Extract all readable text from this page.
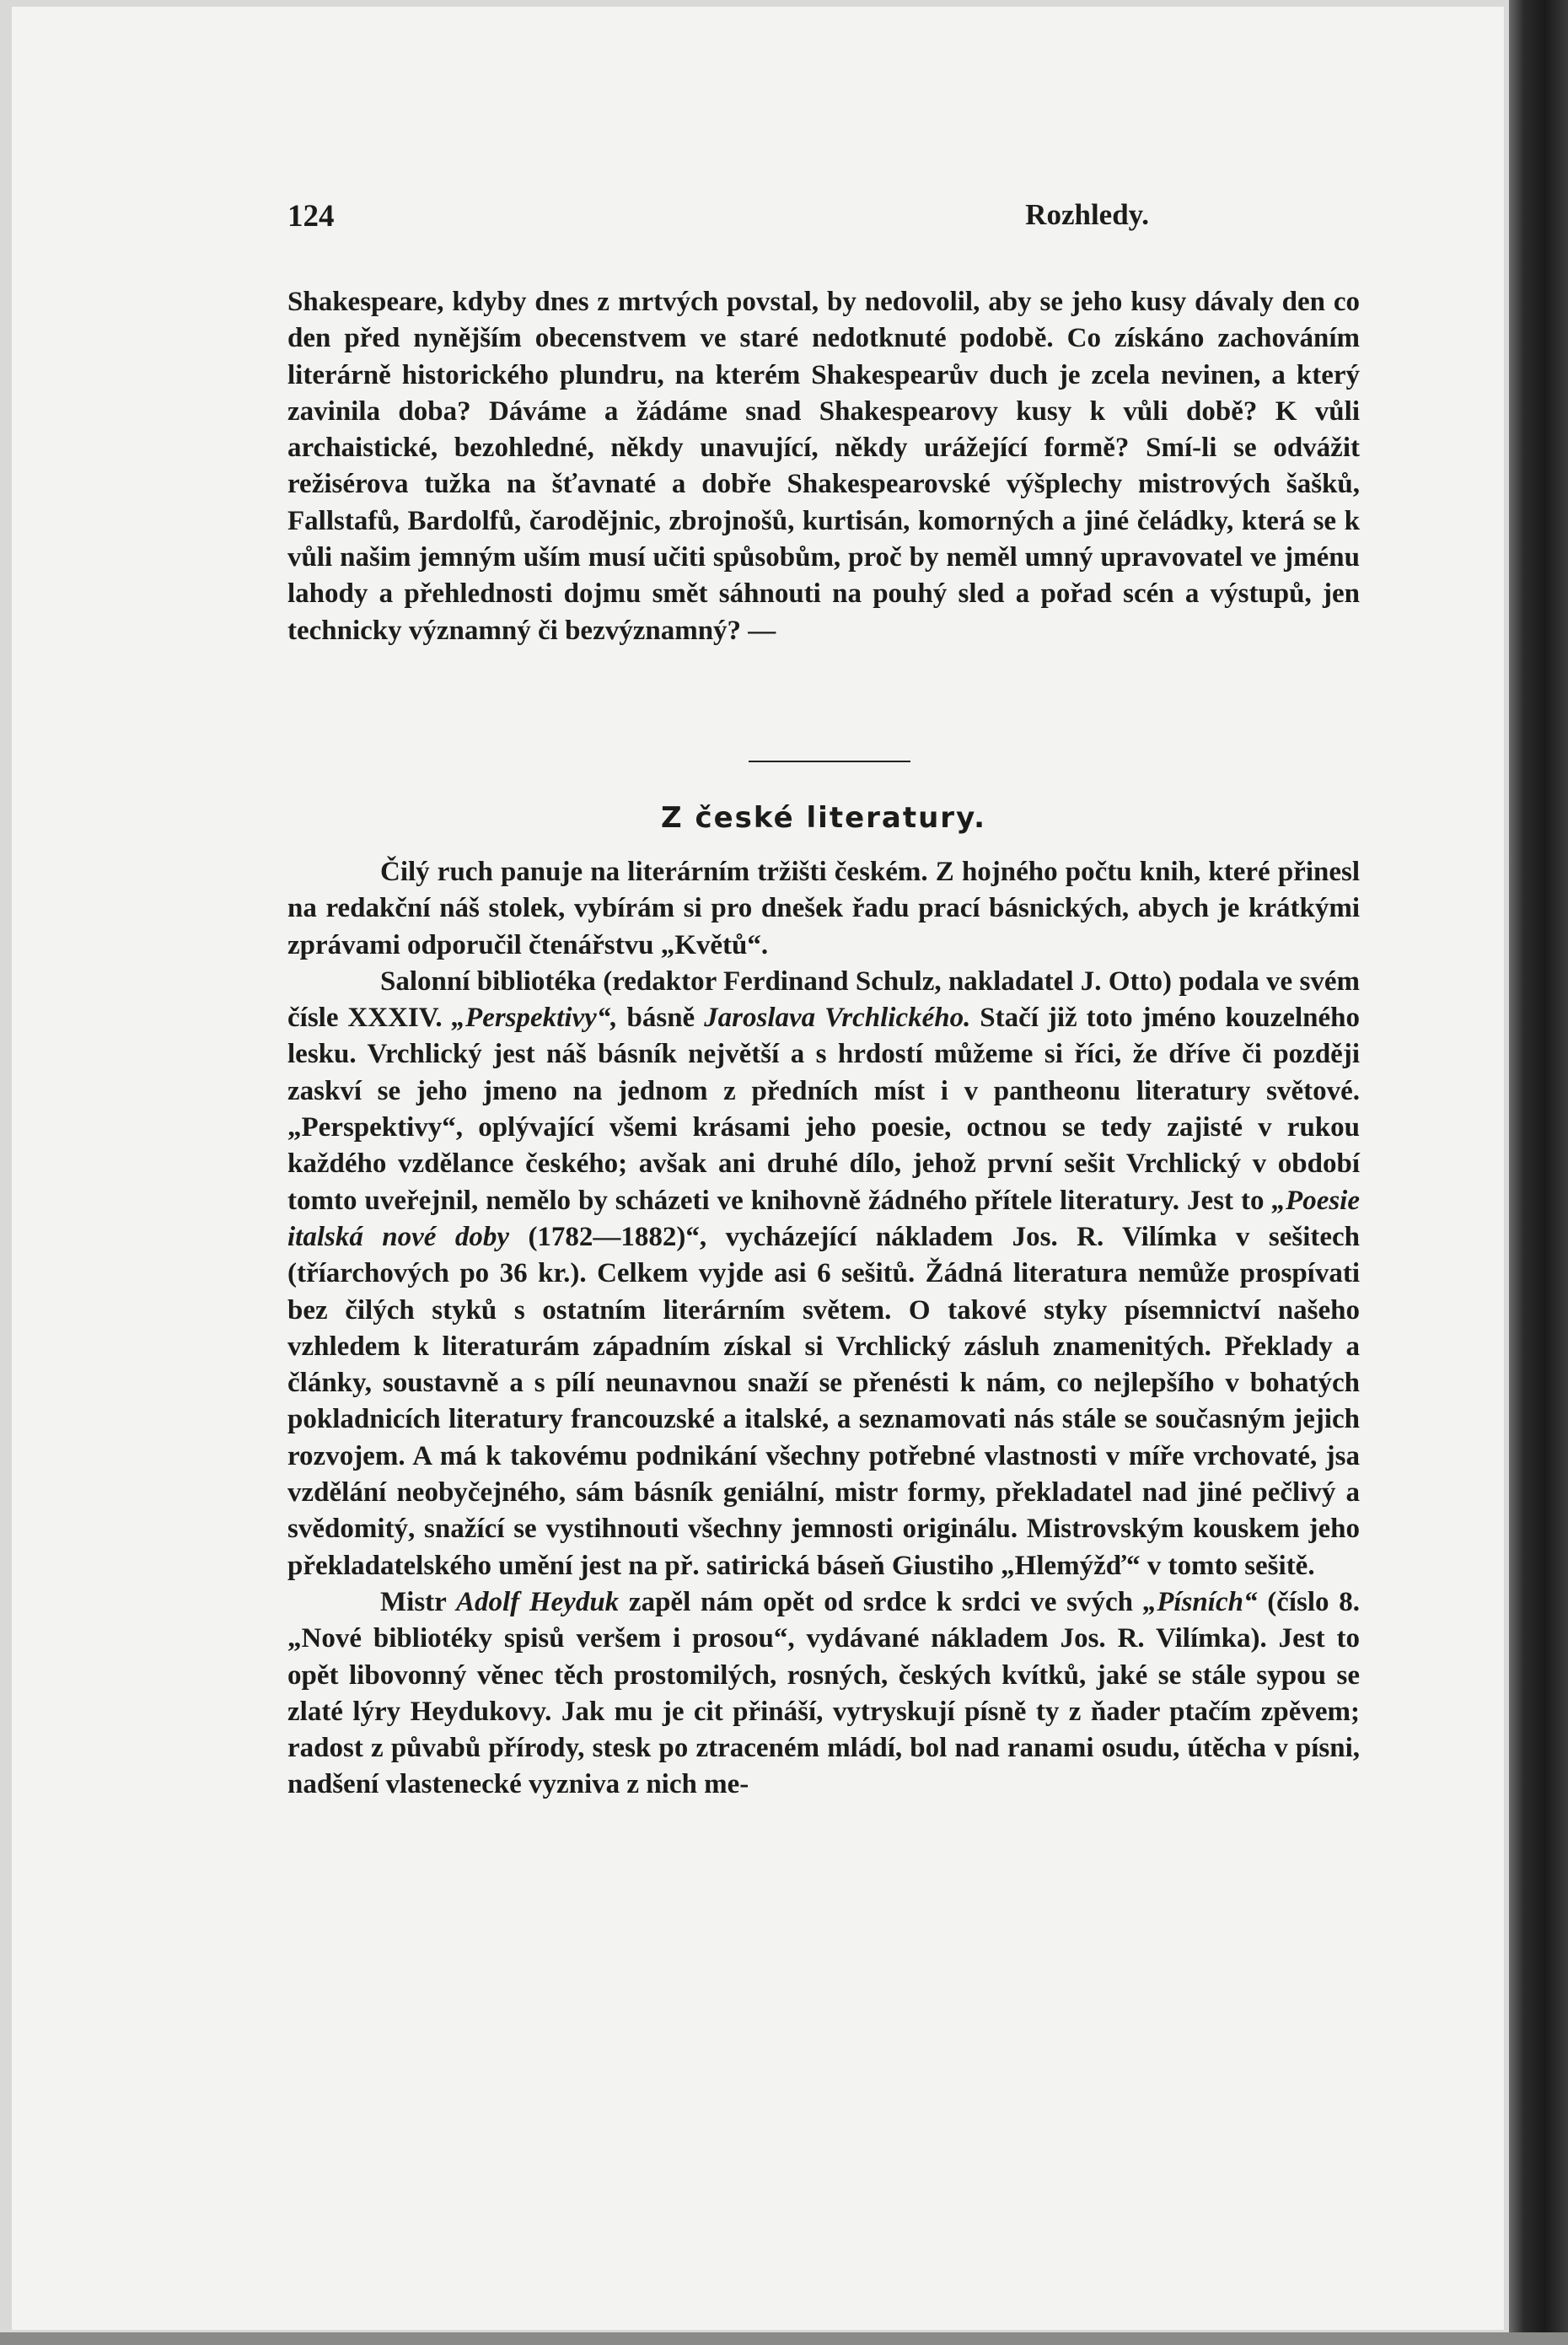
124	Rozhledy.

Shakespeare, kdyby dnes z mrtvých povstal, by nedovolil, aby se jeho kusy dávaly den co den před nynějším obecenstvem ve staré nedotknuté podobě. Co získáno zachováním literárně historického plundru, na kterém Shakespearův duch je zcela nevinen, a který zavinila doba? Dáváme a žádáme snad Shakespearovy kusy k vůli době? K vůli archaistické, bezohledné, někdy unavující, někdy urážející formě? Smí-li se odvážit režisérova tužka na šťavnaté a dobře Shakespearovské výšplechy mistrových šašků, Fallstafů, Bardolfů, čarodějnic, zbrojnošů, kurtisán, komorných a jiné čeládky, která se k vůli našim jemným uším musí učiti spůsobům, proč by neměl umný upravovatel ve jménu lahody a přehlednosti dojmu smět sáhnouti na pouhý sled a pořad scén a výstupů, jen technicky významný či bezvýznamný? —

Z české literatury.

Čilý ruch panuje na literárním tržišti českém. Z hojného počtu knih, které přinesl na redakční náš stolek, vybírám si pro dnešek řadu prací básnických, abych je krátkými zprávami odporučil čtenářstvu „Květů“.

Salonní bibliotéka (redaktor Ferdinand Schulz, nakladatel J. Otto) podala ve svém čísle XXXIV. „Perspektivy“, básně Jaroslava Vrchlického. Stačí již toto jméno kouzelného lesku. Vrchlický jest náš básník největší a s hrdostí můžeme si říci, že dříve či později zaskví se jeho jmeno na jednom z předních míst i v pantheonu literatury světové. „Perspektivy“, oplývající všemi krásami jeho poesie, octnou se tedy zajisté v rukou každého vzdělance českého; avšak ani druhé dílo, jehož první sešit Vrchlický v období tomto uveřejnil, nemělo by scházeti ve knihovně žádného přítele literatury. Jest to „Poesie italská nové doby (1782—1882)“, vycházející nákladem Jos. R. Vilímka v sešitech (tříarchových po 36 kr.). Celkem vyjde asi 6 sešitů. Žádná literatura nemůže prospívati bez čilých styků s ostatním literárním světem. O takové styky písemnictví našeho vzhledem k literaturám západním získal si Vrchlický zásluh znamenitých. Překlady a články, soustavně a s pílí neunavnou snaží se přenésti k nám, co nejlepšího v bohatých pokladnicích literatury francouzské a italské, a seznamovati nás stále se současným jejich rozvojem. A má k takovému podnikání všechny potřebné vlastnosti v míře vrchovaté, jsa vzdělání neobyčejného, sám básník geniální, mistr formy, překladatel nad jiné pečlivý a svědomitý, snažící se vystihnouti všechny jemnosti originálu. Mistrovským kouskem jeho překladatelského umění jest na př. satirická báseň Giustiho „Hlemýžď“ v tomto sešitě.

Mistr Adolf Heyduk zapěl nám opět od srdce k srdci ve svých „Písních“ (číslo 8. „Nové bibliotéky spisů veršem i prosou“, vydávané nákladem Jos. R. Vilímka). Jest to opět libovonný věnec těch prostomilých, rosných, českých kvítků, jaké se stále sypou se zlaté lýry Heydukovy. Jak mu je cit přináší, vytryskují písně ty z ňader ptačím zpěvem; radost z půvabů přírody, stesk po ztraceném mládí, bol nad ranami osudu, útěcha v písni, nadšení vlastenecké vyzniva z nich me-
